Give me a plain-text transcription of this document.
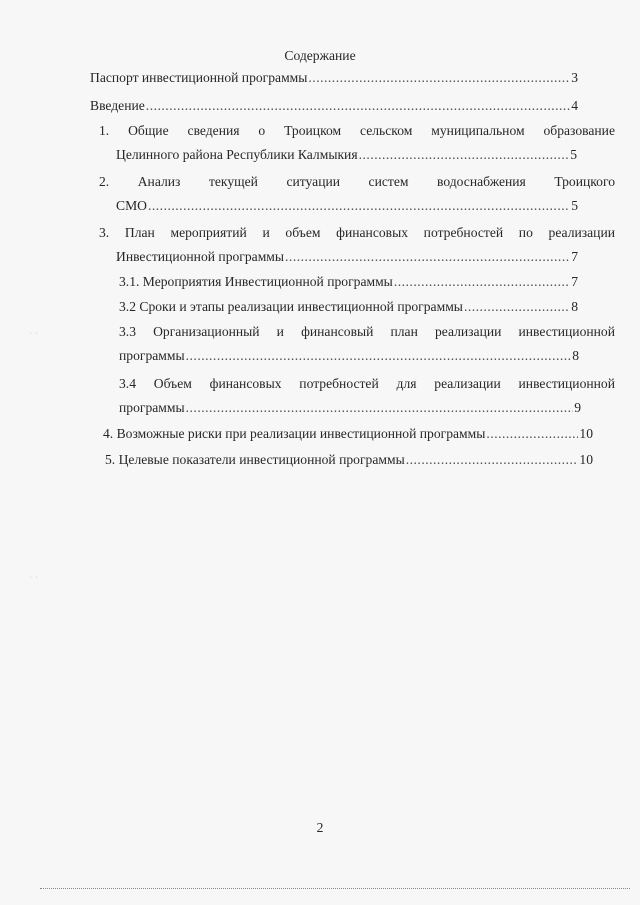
Содержание
Паспорт инвестиционной программы .....	3
Введение .....	4
1. Общие сведения о Троицком сельском муниципальном образование
Целинного района Республики Калмыкия .....	5
2. Анализ текущей ситуации систем водоснабжения Троицкого
СМО .....	5
3. План мероприятий и объем финансовых потребностей по реализации
Инвестиционной программы .....	7
3.1. Мероприятия Инвестиционной программы .....	7
3.2 Сроки и этапы реализации инвестиционной программы .....	8
3.3 Организационный и финансовый план реализации инвестиционной
программы .....	8
3.4 Объем финансовых потребностей для реализации инвестиционной
программы .....	9
4. Возможные риски при реализации инвестиционной программы .....	10
5. Целевые показатели инвестиционной программы .....	10
· ·
· ·
2
